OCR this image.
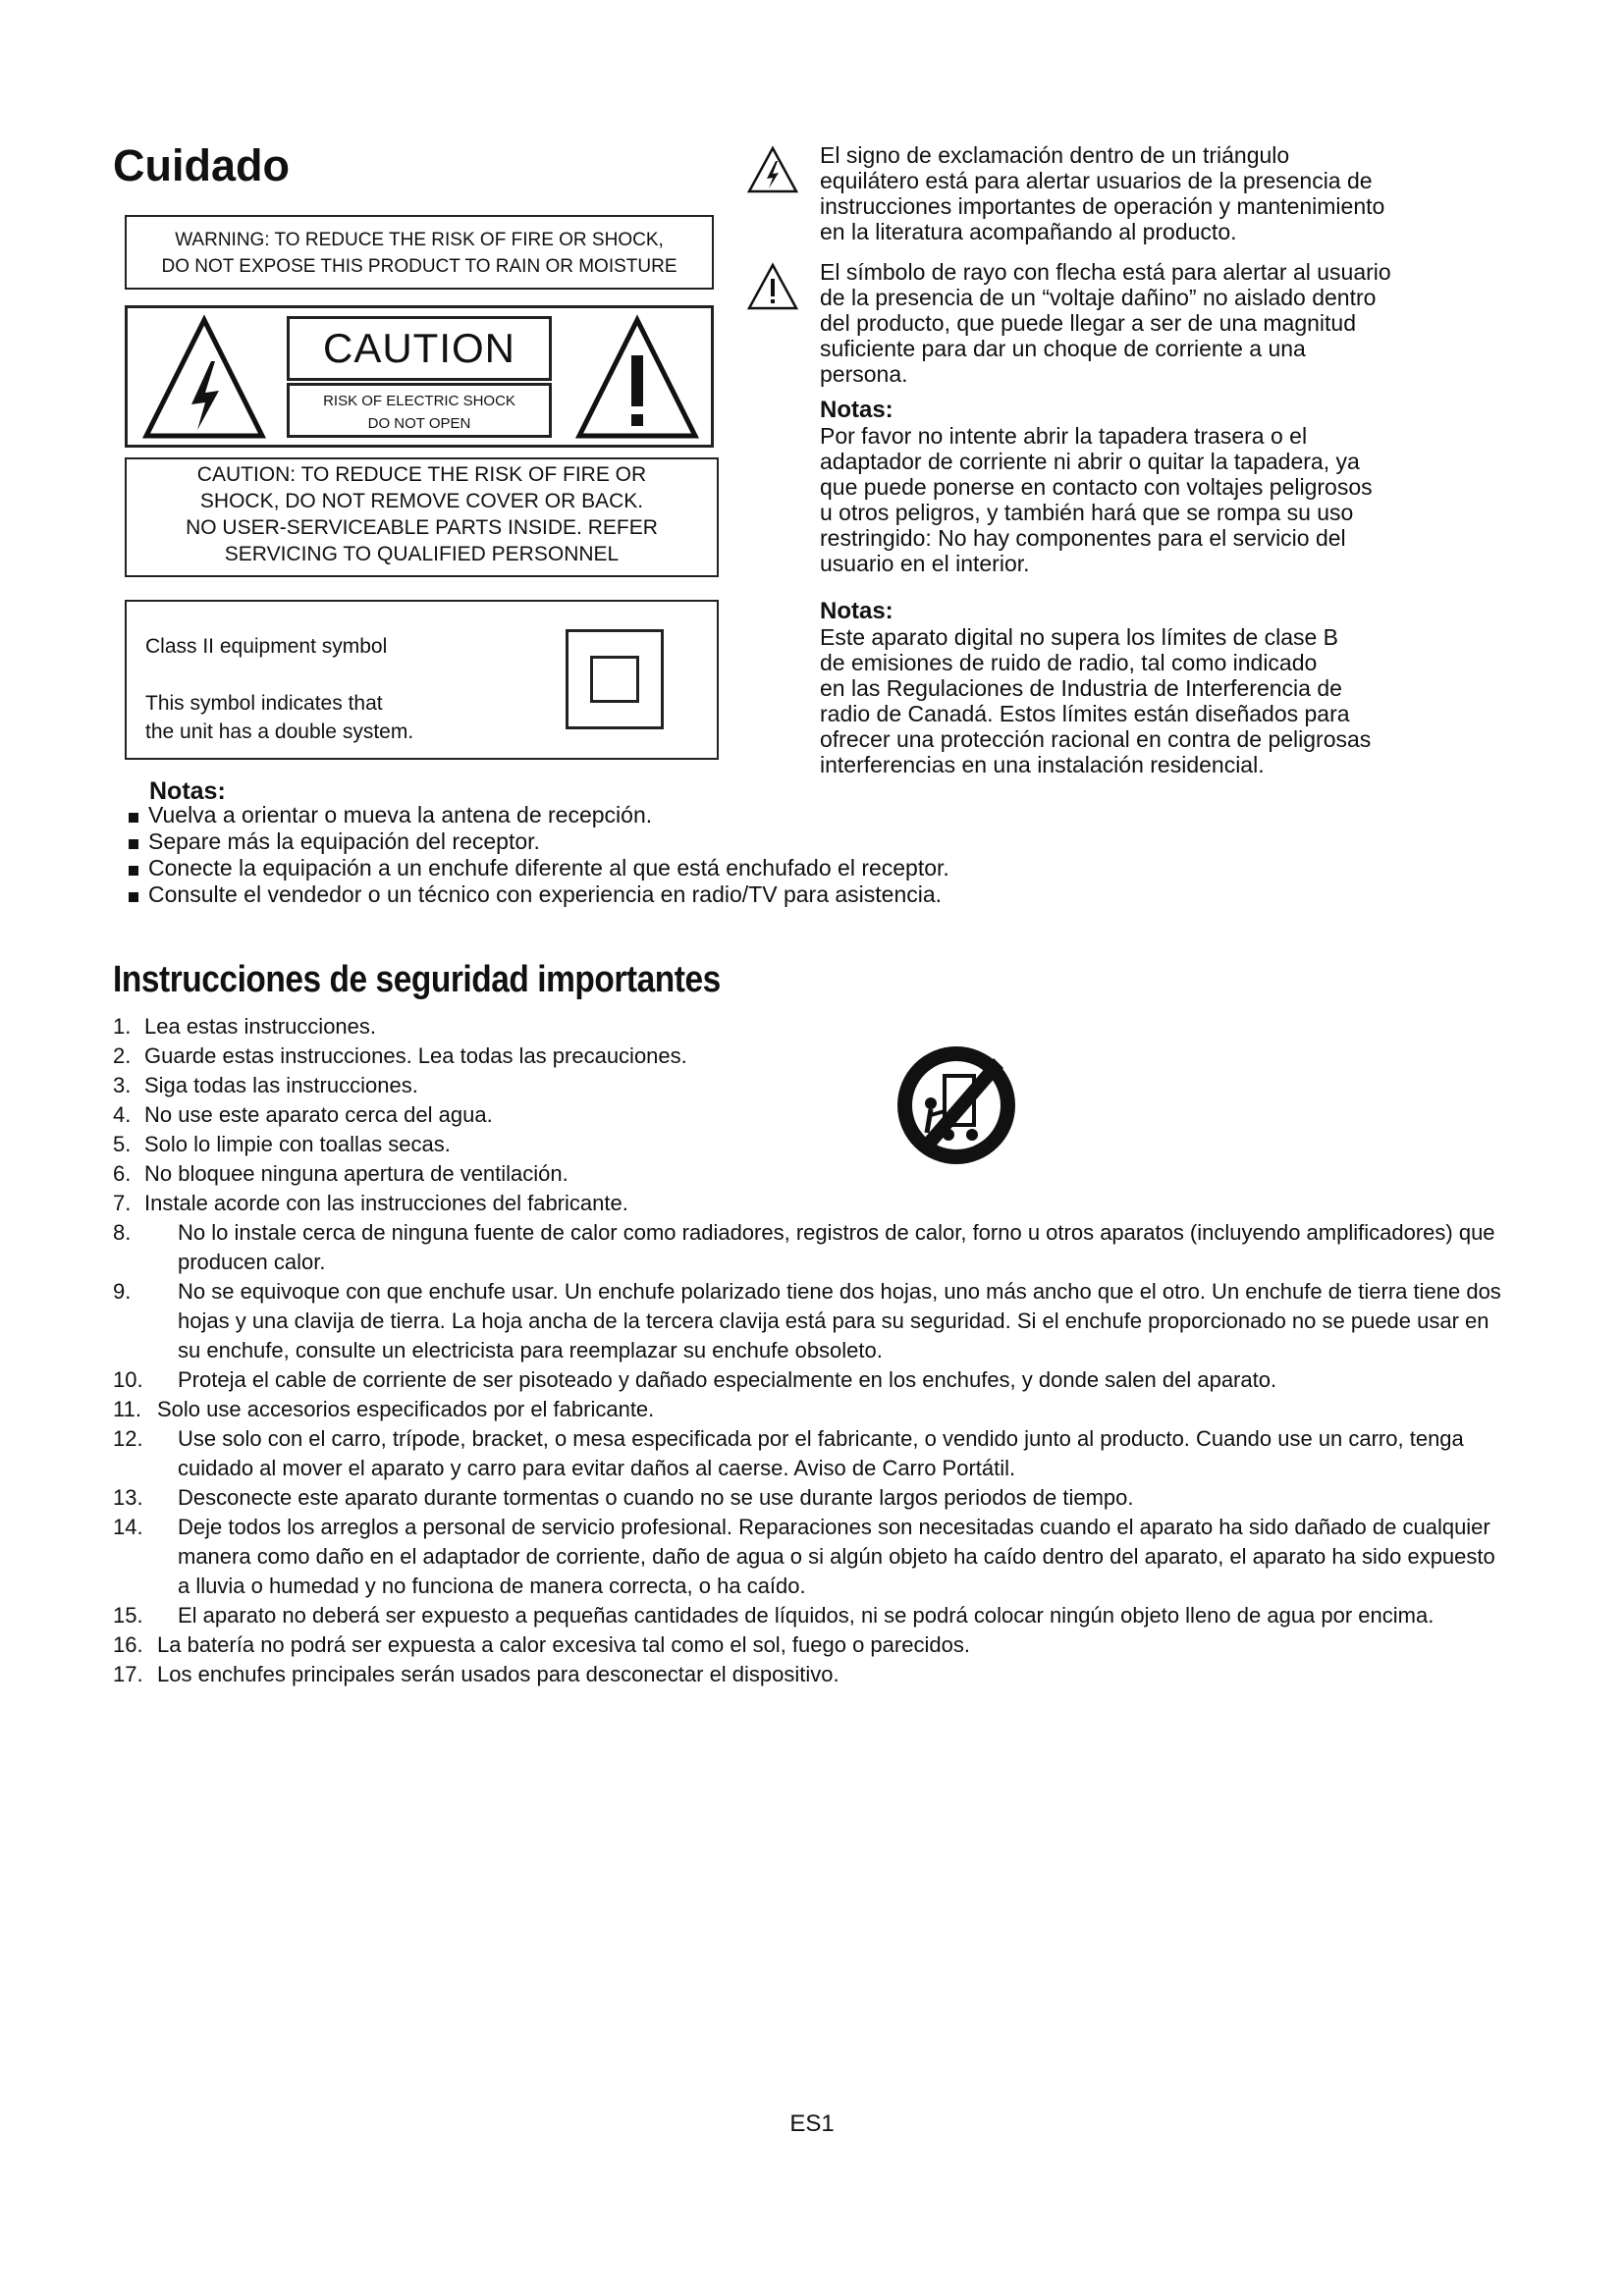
Cuidado
WARNING: TO REDUCE THE RISK OF FIRE OR SHOCK,
DO NOT EXPOSE THIS PRODUCT TO RAIN OR MOISTURE
CAUTION
RISK OF ELECTRIC SHOCK
DO NOT OPEN
CAUTION: TO REDUCE THE RISK OF FIRE OR
SHOCK, DO NOT REMOVE COVER OR BACK.
NO USER-SERVICEABLE PARTS INSIDE. REFER
SERVICING TO QUALIFIED PERSONNEL
Class II equipment symbol
This symbol indicates that
the unit has a double system.
El signo de exclamación dentro de un triángulo
equilátero está para alertar usuarios de la presencia de
instrucciones importantes de operación y mantenimiento
en la literatura acompañando al producto.
El símbolo de rayo con flecha está para alertar al usuario
de la presencia de un “voltaje dañino” no aislado dentro
del producto, que puede llegar a ser de una magnitud
suficiente para dar un choque de corriente a una
persona.
Notas:
Por favor no intente abrir la tapadera trasera o el
adaptador de corriente ni abrir o quitar la tapadera, ya
que puede ponerse en contacto con voltajes peligrosos
u otros peligros, y también hará que se rompa su uso
restringido: No hay componentes para el servicio del
usuario en el interior.
Notas:
Este aparato digital no supera los límites de clase B
de emisiones de ruido de radio, tal como indicado
en las Regulaciones de Industria de Interferencia de
radio de Canadá. Estos límites están diseñados para
ofrecer una protección racional en contra de peligrosas
interferencias en una instalación residencial.
Notas:
Vuelva a orientar o mueva la antena de recepción.
Separe más la equipación del receptor.
Conecte la equipación a un enchufe diferente al que está enchufado el receptor.
Consulte el vendedor o un técnico con experiencia en radio/TV para asistencia.
Instrucciones de seguridad importantes
1. Lea estas instrucciones.
2. Guarde estas instrucciones. Lea todas las precauciones.
3. Siga todas las instrucciones.
4. No use este aparato cerca del agua.
5. Solo lo limpie con toallas secas.
6. No bloquee ninguna apertura de ventilación.
7. Instale acorde con las instrucciones del fabricante.
8.	No lo instale cerca de ninguna fuente de calor como radiadores, registros de calor, forno u otros aparatos (incluyendo amplificadores) que producen calor.
9.	No se equivoque con que enchufe usar. Un enchufe polarizado tiene dos hojas, uno más ancho que el otro. Un enchufe de tierra tiene dos hojas y una clavija de tierra. La hoja ancha de la tercera clavija está para su seguridad. Si el enchufe proporcionado no se puede usar en su enchufe, consulte un electricista para reemplazar su enchufe obsoleto.
10.	Proteja el cable de corriente de ser pisoteado y dañado especialmente en los enchufes, y donde salen del aparato.
11. Solo use accesorios especificados por el fabricante.
12.	Use solo con el carro, trípode, bracket, o mesa especificada por el fabricante, o vendido junto al producto. Cuando use un carro, tenga cuidado al mover el aparato y carro para evitar daños al caerse. Aviso de Carro Portátil.
13.	Desconecte este aparato durante tormentas o cuando no se use durante largos periodos de tiempo.
14.	Deje todos los arreglos a personal de servicio profesional. Reparaciones son necesitadas cuando el aparato ha sido dañado de cualquier manera como daño en el adaptador de corriente, daño de agua o si algún objeto ha caído dentro del aparato, el aparato ha sido expuesto a lluvia o humedad y no funciona de manera correcta, o ha caído.
15.	El aparato no deberá ser expuesto a pequeñas cantidades de líquidos, ni se podrá colocar ningún objeto lleno de agua por encima.
16. La batería no podrá ser expuesta a calor excesiva tal como el sol, fuego o parecidos.
17. Los enchufes principales serán usados para desconectar el dispositivo.
ES1
